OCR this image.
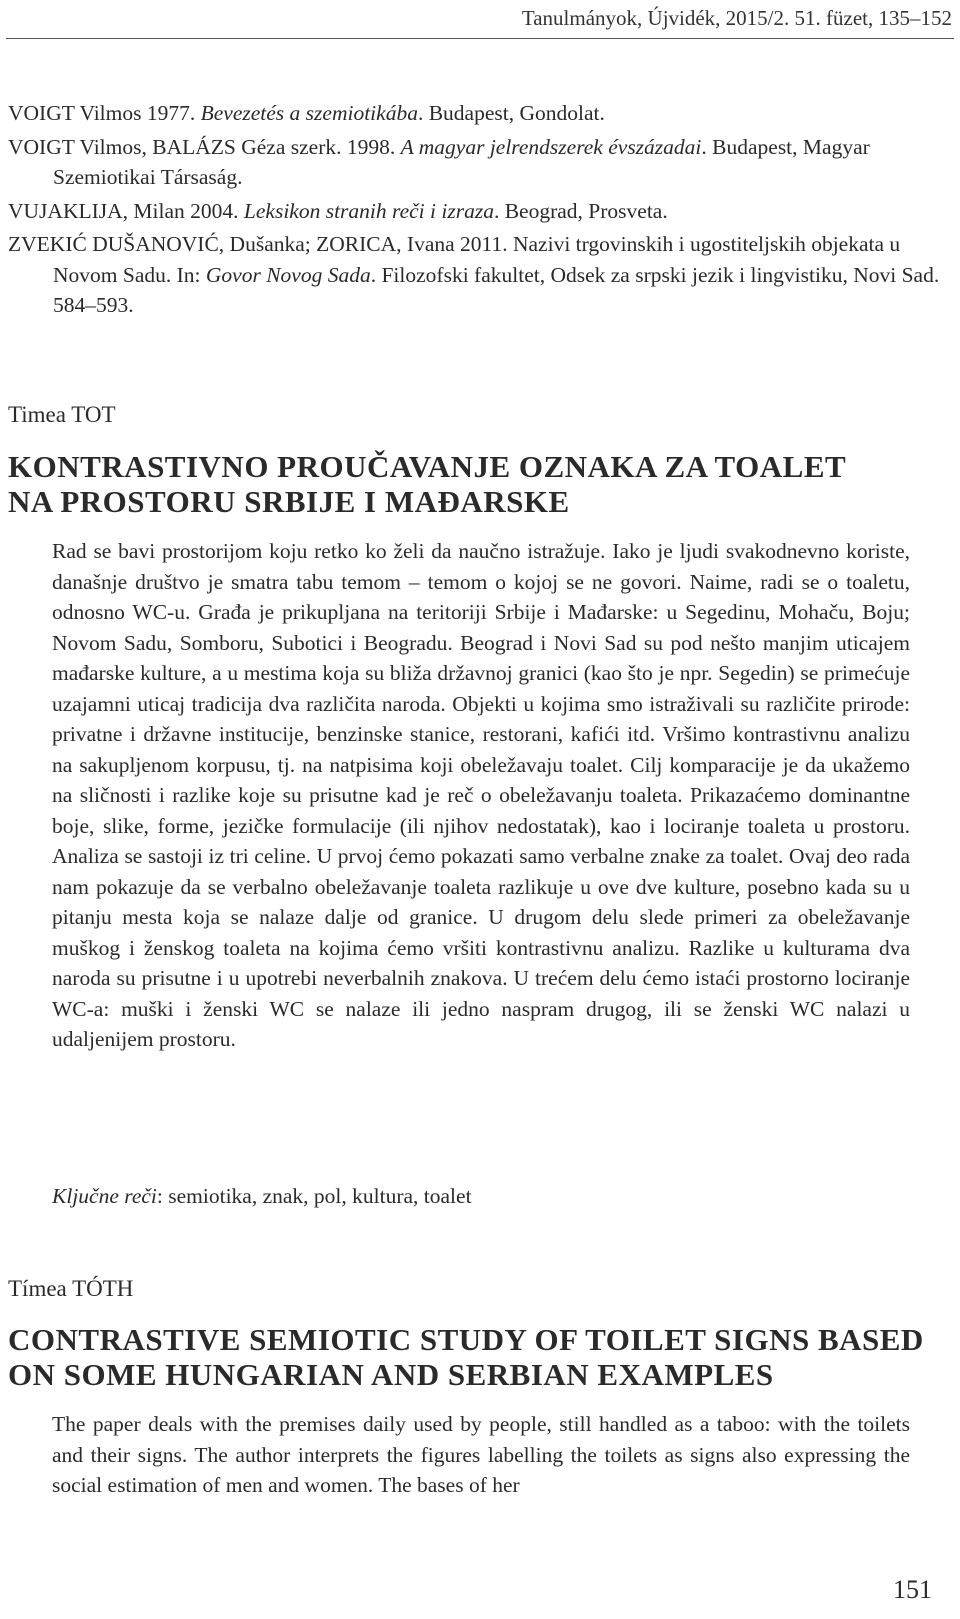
Tanulmányok, Újvidék, 2015/2. 51. füzet, 135–152

VOIGT Vilmos 1977. Bevezetés a szemiotikába. Budapest, Gondolat.

VOIGT Vilmos, BALÁZS Géza szerk. 1998. A magyar jelrendszerek évszázadai. Budapest, Magyar Szemiotikai Társaság.

VUJAKLIJA, Milan 2004. Leksikon stranih reči i izraza. Beograd, Prosveta.

ZVEKIĆ DUŠANOVIĆ, Dušanka; ZORICA, Ivana 2011. Nazivi trgovinskih i ugostiteljskih objekata u Novom Sadu. In: Govor Novog Sada. Filozofski fakultet, Odsek za srpski jezik i lingvistiku, Novi Sad. 584–593.

Timea TOT
KONTRASTIVNO PROUČAVANJE OZNAKA ZA TOALET
NA PROSTORU SRBIJE I MAĐARSKE

Rad se bavi prostorijom koju retko ko želi da naučno istražuje. Iako je ljudi svakodnevno koriste, današnje društvo je smatra tabu temom – temom o kojoj se ne govori. Naime, radi se o toaletu, odnosno WC-u. Građa je prikupljana na teritoriji Srbije i Mađarske: u Segedinu, Mohaču, Boju; Novom Sadu, Somboru, Subotici i Beogradu. Beograd i Novi Sad su pod nešto manjim uticajem mađarske kulture, a u mestima koja su bliža državnoj granici (kao što je npr. Segedin) se primećuje uzajamni uticaj tradicija dva različita naroda. Objekti u kojima smo istraživali su različite prirode: privatne i državne institucije, benzinske stanice, restorani, kafići itd. Vršimo kontrastivnu analizu na sakupljenom korpusu, tj. na natpisima koji obeležavaju toalet. Cilj komparacije je da ukažemo na sličnosti i razlike koje su prisutne kad je reč o obeležavanju toaleta. Prikazaćemo dominantne boje, slike, forme, jezičke formulacije (ili njihov nedostatak), kao i lociranje toaleta u prostoru. Analiza se sastoji iz tri celine. U prvoj ćemo pokazati samo verbalne znake za toalet. Ovaj deo rada nam pokazuje da se verbalno obeležavanje toaleta razlikuje u ove dve kulture, posebno kada su u pitanju mesta koja se nalaze dalje od granice. U drugom delu slede primeri za obeležavanje muškog i ženskog toaleta na kojima ćemo vršiti kontrastivnu analizu. Razlike u kulturama dva naroda su prisutne i u upotrebi neverbalnih znakova. U trećem delu ćemo istaći prostorno lociranje WC-a: muški i ženski WC se nalaze ili jedno naspram drugog, ili se ženski WC nalazi u udaljenijem prostoru.

Ključne reči: semiotika, znak, pol, kultura, toalet
Tímea TÓTH
CONTRASTIVE SEMIOTIC STUDY OF TOILET SIGNS BASED
ON SOME HUNGARIAN AND SERBIAN EXAMPLES

The paper deals with the premises daily used by people, still handled as a taboo: with the toilets and their signs. The author interprets the figures labelling the toilets as signs also expressing the social estimation of men and women. The bases of her

151
